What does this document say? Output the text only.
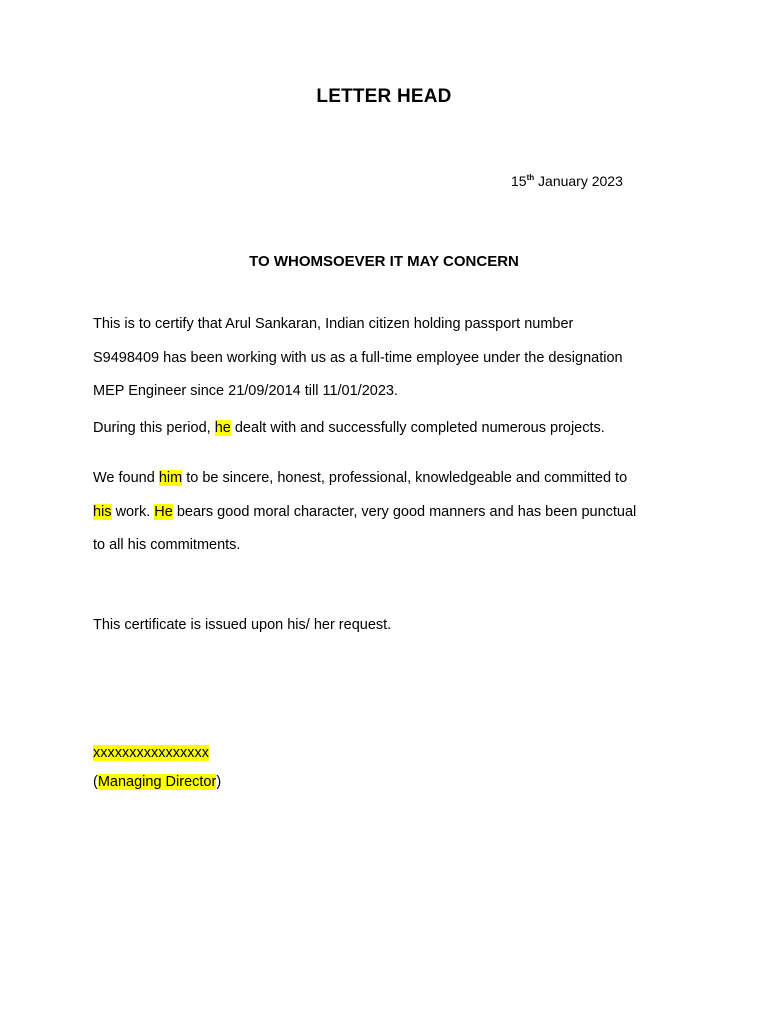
LETTER HEAD
15th January 2023
TO WHOMSOEVER IT MAY CONCERN
This is to certify that Arul Sankaran, Indian citizen holding passport number
S9498409 has been working with us as a full-time employee under the designation
MEP Engineer since 21/09/2014 till 11/01/2023.
During this period, he dealt with and successfully completed numerous projects.
We found him to be sincere, honest, professional, knowledgeable and committed to
his work. He bears good moral character, very good manners and has been punctual
to all his commitments.
This certificate is issued upon his/ her request.
xxxxxxxxxxxxxxxx
(Managing Director)
